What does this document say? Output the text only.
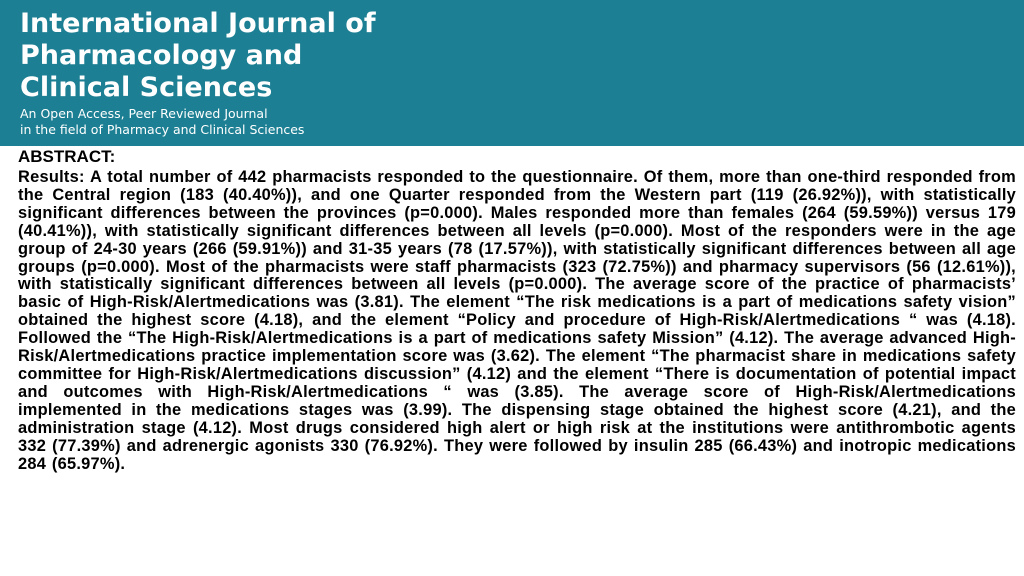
International Journal of
Pharmacology and
Clinical Sciences

An Open Access, Peer Reviewed Journal
in the field of Pharmacy and Clinical Sciences

ABSTRACT:

Results: A total number of 442 pharmacists responded to the questionnaire. Of them, more than one-third responded from the Central region (183 (40.40%)), and one Quarter responded from the Western part (119 (26.92%)), with statistically significant differences between the provinces (p=0.000). Males responded more than females (264 (59.59%)) versus 179 (40.41%)), with statistically significant differences between all levels (p=0.000). Most of the responders were in the age group of 24-30 years (266 (59.91%)) and 31-35 years (78 (17.57%)), with statistically significant differences between all age groups (p=0.000). Most of the pharmacists were staff pharmacists (323 (72.75%)) and pharmacy supervisors (56 (12.61%)), with statistically significant differences between all levels (p=0.000). The average score of the practice of pharmacists’ basic of High-Risk/Alertmedications was (3.81). The element “The risk medications is a part of medications safety vision” obtained the highest score (4.18), and the element “Policy and procedure of High-Risk/Alertmedications “ was (4.18). Followed the “The High-Risk/Alertmedications is a part of medications safety Mission” (4.12). The average advanced High-Risk/Alertmedications practice implementation score was (3.62). The element “The pharmacist share in medications safety committee for High-Risk/Alertmedications discussion” (4.12) and the element “There is documentation of potential impact and outcomes with High-Risk/Alertmedications “ was (3.85). The average score of High-Risk/Alertmedications implemented in the medications stages was (3.99). The dispensing stage obtained the highest score (4.21), and the administration stage (4.12). Most drugs considered high alert or high risk at the institutions were antithrombotic agents 332 (77.39%) and adrenergic agonists 330 (76.92%). They were followed by insulin 285 (66.43%) and inotropic medications 284 (65.97%).
